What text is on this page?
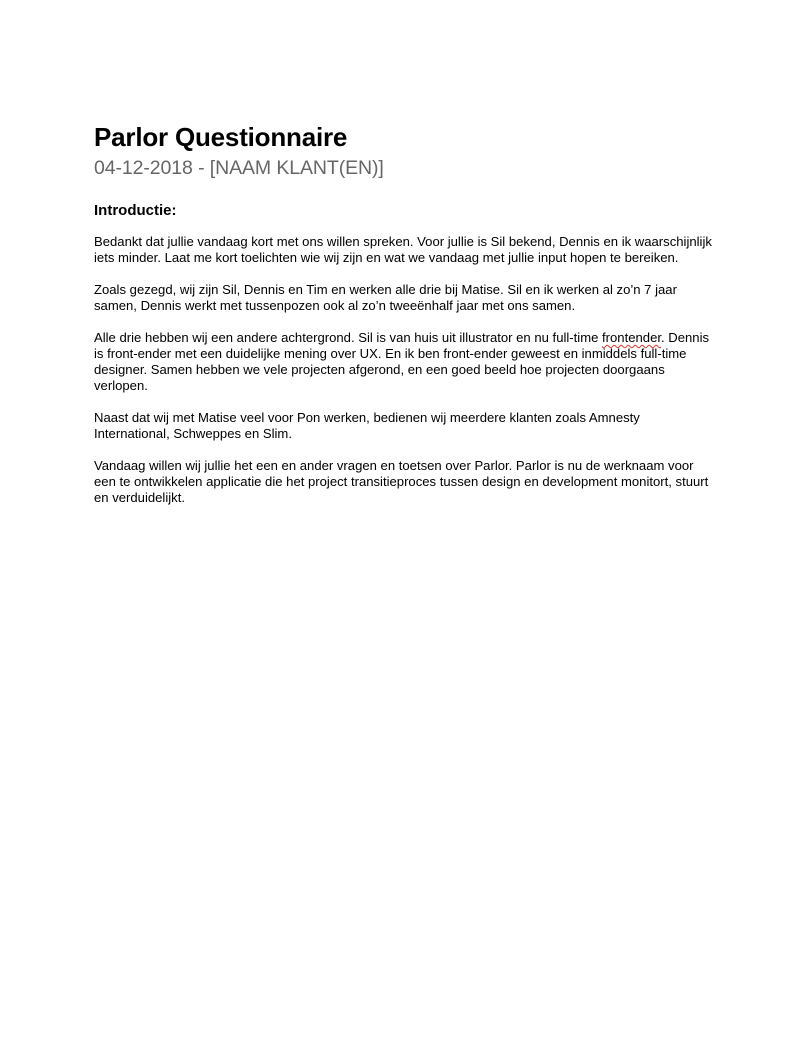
Parlor Questionnaire
04-12-2018 - [NAAM KLANT(EN)]
Introductie:

Bedankt dat jullie vandaag kort met ons willen spreken. Voor jullie is Sil bekend, Dennis en ik waarschijnlijk iets minder. Laat me kort toelichten wie wij zijn en wat we vandaag met jullie input hopen te bereiken.

Zoals gezegd, wij zijn Sil, Dennis en Tim en werken alle drie bij Matise. Sil en ik werken al zo’n 7 jaar samen, Dennis werkt met tussenpozen ook al zo’n tweeënhalf jaar met ons samen.

Alle drie hebben wij een andere achtergrond. Sil is van huis uit illustrator en nu full-time frontender. Dennis is front-ender met een duidelijke mening over UX. En ik ben front-ender geweest en inmiddels full-time designer. Samen hebben we vele projecten afgerond, en een goed beeld hoe projecten doorgaans verlopen.

Naast dat wij met Matise veel voor Pon werken, bedienen wij meerdere klanten zoals Amnesty International, Schweppes en Slim.

Vandaag willen wij jullie het een en ander vragen en toetsen over Parlor. Parlor is nu de werknaam voor een te ontwikkelen applicatie die het project transitieproces tussen design en development monitort, stuurt en verduidelijkt.
